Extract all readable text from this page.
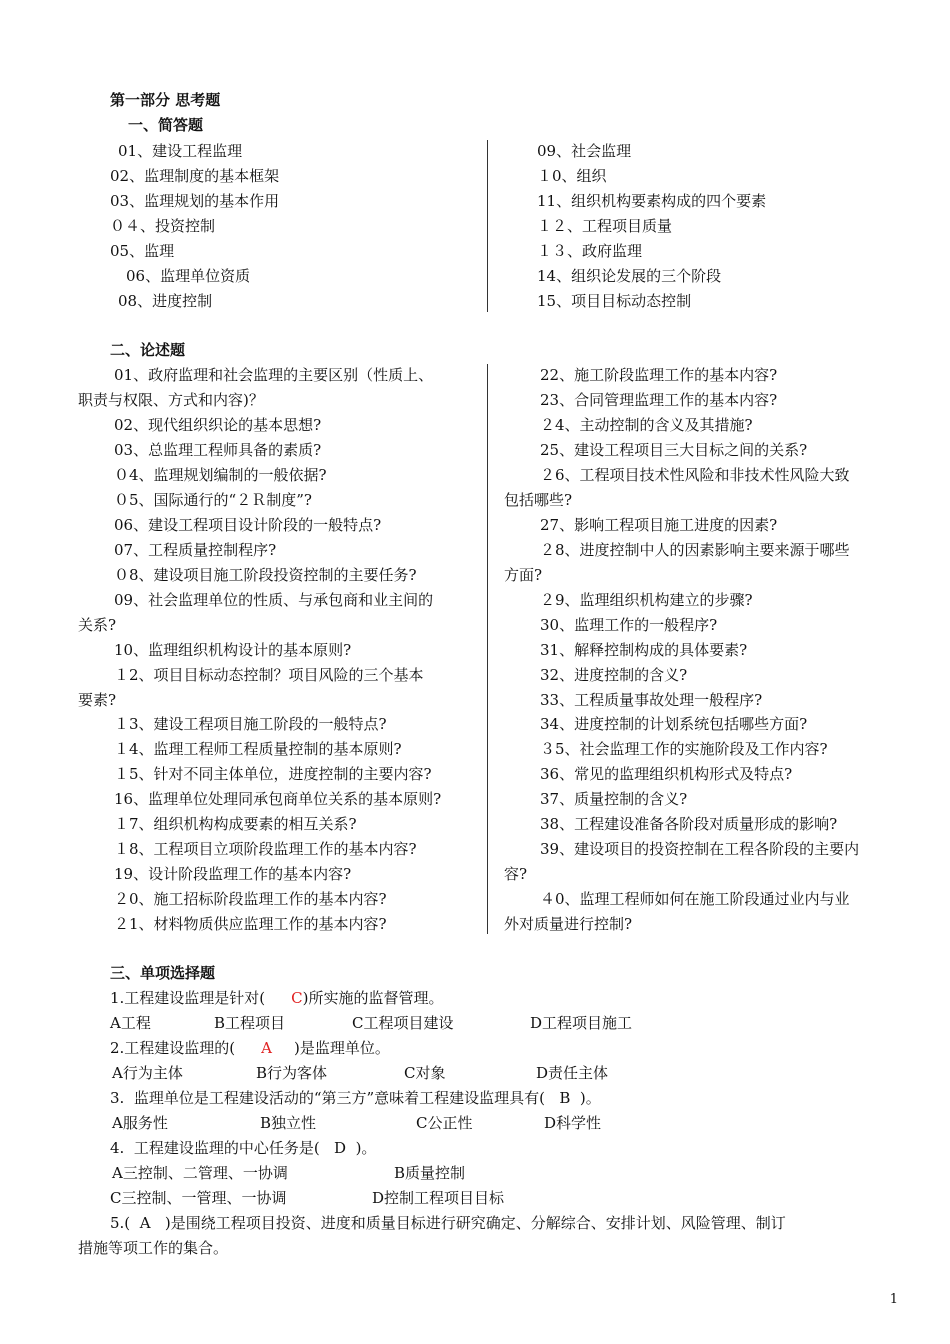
第一部分 思考题
一、简答题
01、建设工程监理
02、监理制度的基本框架
03、监理规划的基本作用
０４、投资控制
05、监理
06、监理单位资质
08、进度控制
09、社会监理
１0、组织
11、组织机构要素构成的四个要素
１２、工程项目质量
１３、政府监理
14、组织论发展的三个阶段
15、项目目标动态控制
二、论述题
01、政府监理和社会监理的主要区别（性质上、
职责与权限、方式和内容)？
02、现代组织织论的基本思想?
03、总监理工程师具备的素质?
０4、监理规划编制的一般依据?
０5、国际通行的“２Ｒ制度”?
06、建设工程项目设计阶段的一般特点?
07、工程质量控制程序?
０8、建设项目施工阶段投资控制的主要任务?
09、社会监理单位的性质、与承包商和业主间的
关系?
10、监理组织机构设计的基本原则?
１2、项目目标动态控制？项目风险的三个基本
要素?
１3、建设工程项目施工阶段的一般特点?
１4、监理工程师工程质量控制的基本原则?
１5、针对不同主体单位，进度控制的主要内容?
16、监理单位处理同承包商单位关系的基本原则?
１7、组织机构构成要素的相互关系?
１8、工程项目立项阶段监理工作的基本内容?
19、设计阶段监理工作的基本内容?
２0、施工招标阶段监理工作的基本内容?
２1、材料物质供应监理工作的基本内容?
22、施工阶段监理工作的基本内容?
23、合同管理监理工作的基本内容?
２4、主动控制的含义及其措施?
25、建设工程项目三大目标之间的关系?
２6、工程项目技术性风险和非技术性风险大致
包括哪些?
27、影响工程项目施工进度的因素?
２8、进度控制中人的因素影响主要来源于哪些
方面?
２9、监理组织机构建立的步骤?
30、监理工作的一般程序?
31、解释控制构成的具体要素?
32、进度控制的含义?
33、工程质量事故处理一般程序?
34、进度控制的计划系统包括哪些方面?
３5、社会监理工作的实施阶段及工作内容?
36、常见的监理组织机构形式及特点?
37、质量控制的含义?
38、工程建设准备各阶段对质量形成的影响?
39、建设项目的投资控制在工程各阶段的主要内
容?
４0、监理工程师如何在施工阶段通过业内与业
外对质量进行控制?
三、单项选择题
1.工程建设监理是针对( C)所实施的监督管理。
A工程	B工程项目	C工程项目建设	D工程项目施工
2.工程建设监理的( A )是监理单位。
A行为主体	B行为客体	C对象	D责任主体
3.  监理单位是工程建设活动的“第三方”意味着工程建设监理具有(   B  )。
A服务性	B独立性	C公正性	D科学性
4.  工程建设监理的中心任务是(   D  )。
A三控制、二管理、一协调	B质量控制
C三控制、一管理、一协调	D控制工程项目目标
5.(  A   )是围绕工程项目投资、进度和质量目标进行研究确定、分解综合、安排计划、风险管理、制订
措施等项工作的集合。
1
